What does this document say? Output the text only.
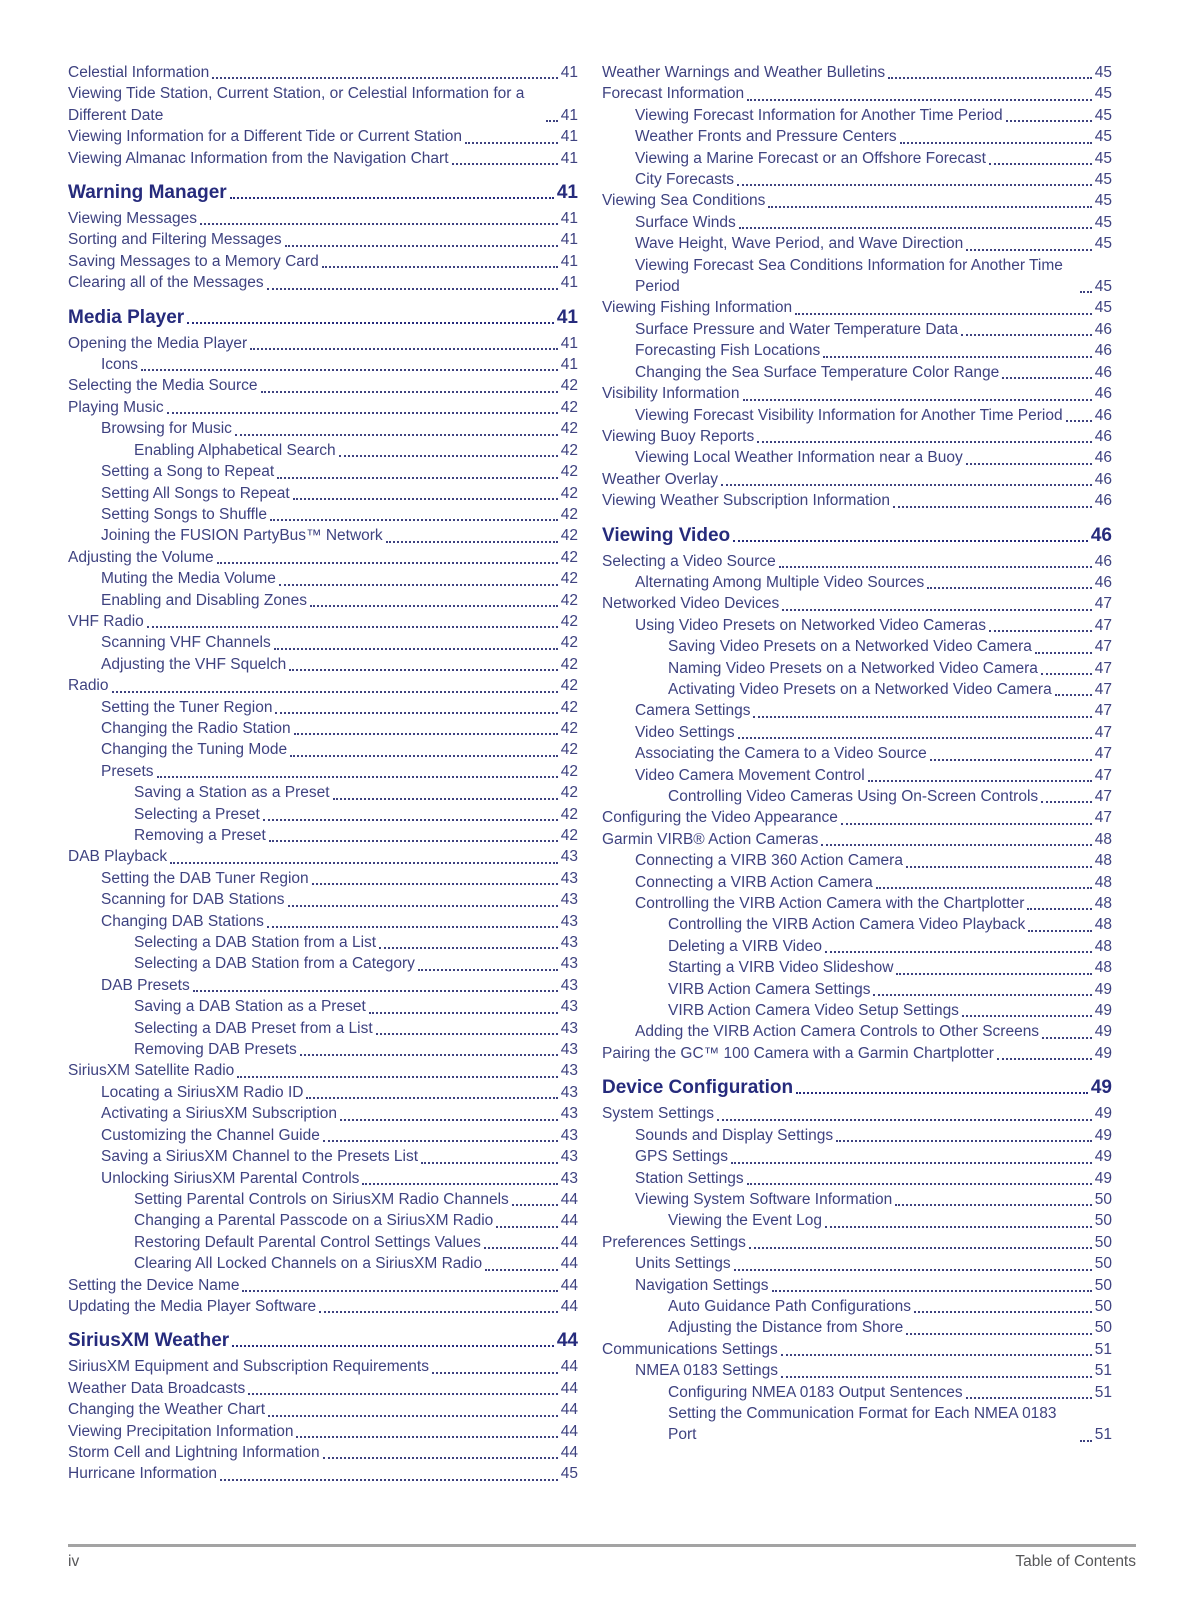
Celestial Information	41
Viewing Tide Station, Current Station, or Celestial Information for a Different Date	41
Viewing Information for a Different Tide or Current Station	41
Viewing Almanac Information from the Navigation Chart	41
Warning Manager	41
Viewing Messages	41
Sorting and Filtering Messages	41
Saving Messages to a Memory Card	41
Clearing all of the Messages	41
Media Player	41
Opening the Media Player	41
Icons	41
Selecting the Media Source	42
Playing Music	42
Browsing for Music	42
Enabling Alphabetical Search	42
Setting a Song to Repeat	42
Setting All Songs to Repeat	42
Setting Songs to Shuffle	42
Joining the FUSION PartyBus™ Network	42
Adjusting the Volume	42
Muting the Media Volume	42
Enabling and Disabling Zones	42
VHF Radio	42
Scanning VHF Channels	42
Adjusting the VHF Squelch	42
Radio	42
Setting the Tuner Region	42
Changing the Radio Station	42
Changing the Tuning Mode	42
Presets	42
Saving a Station as a Preset	42
Selecting a Preset	42
Removing a Preset	42
DAB Playback	43
Setting the DAB Tuner Region	43
Scanning for DAB Stations	43
Changing DAB Stations	43
Selecting a DAB Station from a List	43
Selecting a DAB Station from a Category	43
DAB Presets	43
Saving a DAB Station as a Preset	43
Selecting a DAB Preset from a List	43
Removing DAB Presets	43
SiriusXM Satellite Radio	43
Locating a SiriusXM Radio ID	43
Activating a SiriusXM Subscription	43
Customizing the Channel Guide	43
Saving a SiriusXM Channel to the Presets List	43
Unlocking SiriusXM Parental Controls	43
Setting Parental Controls on SiriusXM Radio Channels	44
Changing a Parental Passcode on a SiriusXM Radio	44
Restoring Default Parental Control Settings Values	44
Clearing All Locked Channels on a SiriusXM Radio	44
Setting the Device Name	44
Updating the Media Player Software	44
SiriusXM Weather	44
SiriusXM Equipment and Subscription Requirements	44
Weather Data Broadcasts	44
Changing the Weather Chart	44
Viewing Precipitation Information	44
Storm Cell and Lightning Information	44
Hurricane Information	45
Weather Warnings and Weather Bulletins	45
Forecast Information	45
Viewing Forecast Information for Another Time Period	45
Weather Fronts and Pressure Centers	45
Viewing a Marine Forecast or an Offshore Forecast	45
City Forecasts	45
Viewing Sea Conditions	45
Surface Winds	45
Wave Height, Wave Period, and Wave Direction	45
Viewing Forecast Sea Conditions Information for Another Time Period	45
Viewing Fishing Information	45
Surface Pressure and Water Temperature Data	46
Forecasting Fish Locations	46
Changing the Sea Surface Temperature Color Range	46
Visibility Information	46
Viewing Forecast Visibility Information for Another Time Period 46
Viewing Buoy Reports	46
Viewing Local Weather Information near a Buoy	46
Weather Overlay	46
Viewing Weather Subscription Information	46
Viewing Video	46
Selecting a Video Source	46
Alternating Among Multiple Video Sources	46
Networked Video Devices	47
Using Video Presets on Networked Video Cameras	47
Saving Video Presets on a Networked Video Camera	47
Naming Video Presets on a Networked Video Camera	47
Activating Video Presets on a Networked Video Camera	47
Camera Settings	47
Video Settings	47
Associating the Camera to a Video Source	47
Video Camera Movement Control	47
Controlling Video Cameras Using On-Screen Controls	47
Configuring the Video Appearance	47
Garmin VIRB® Action Cameras	48
Connecting a VIRB 360 Action Camera	48
Connecting a VIRB Action Camera	48
Controlling the VIRB Action Camera with the Chartplotter	48
Controlling the VIRB Action Camera Video Playback	48
Deleting a VIRB Video	48
Starting a VIRB Video Slideshow	48
VIRB Action Camera Settings	49
VIRB Action Camera Video Setup Settings	49
Adding the VIRB Action Camera Controls to Other Screens	49
Pairing the GC™ 100 Camera with a Garmin Chartplotter	49
Device Configuration	49
System Settings	49
Sounds and Display Settings	49
GPS Settings	49
Station Settings	49
Viewing System Software Information	50
Viewing the Event Log	50
Preferences Settings	50
Units Settings	50
Navigation Settings	50
Auto Guidance Path Configurations	50
Adjusting the Distance from Shore	50
Communications Settings	51
NMEA 0183 Settings	51
Configuring NMEA 0183 Output Sentences	51
Setting the Communication Format for Each NMEA 0183 Port	51
iv	Table of Contents
